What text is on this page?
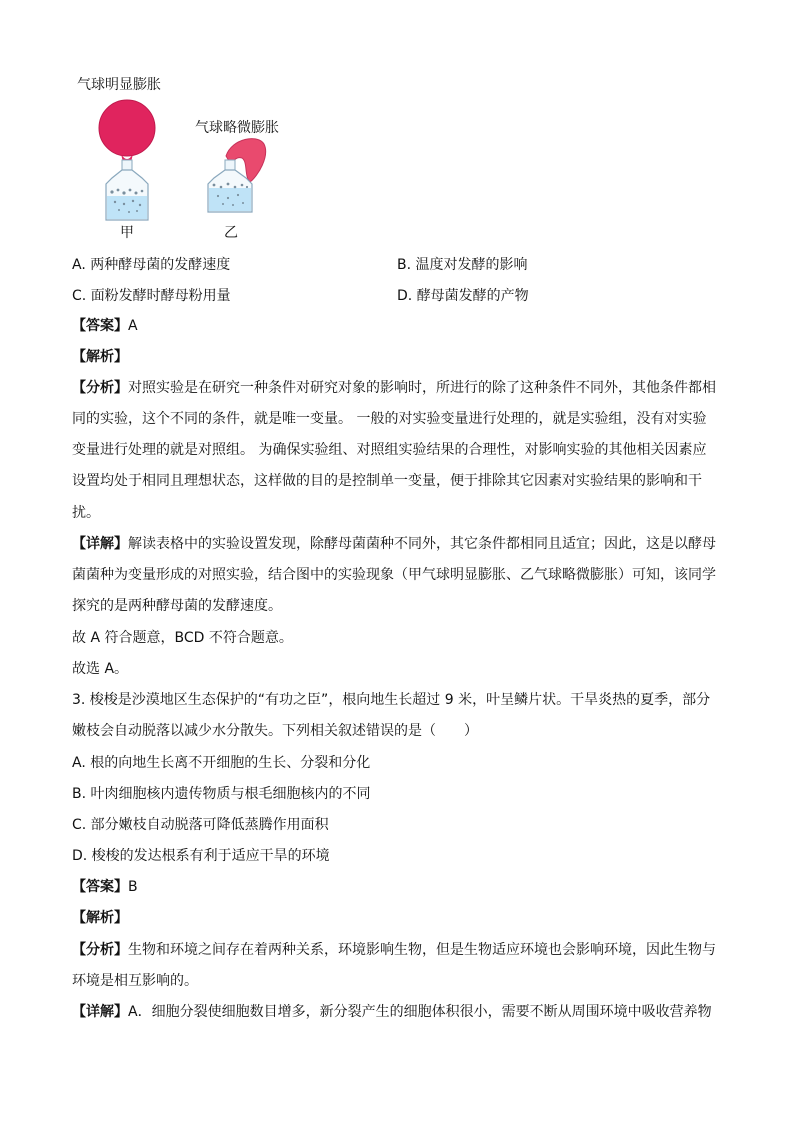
气球明显膨胀
气球略微膨胀
甲	乙
A. 两种酵母菌的发酵速度	B. 温度对发酵的影响
C. 面粉发酵时酵母粉用量	D. 酵母菌发酵的产物
【答案】A
【解析】
【分析】对照实验是在研究一种条件对研究对象的影响时，所进行的除了这种条件不同外，其他条件都相
同的实验，这个不同的条件，就是唯一变量。 一般的对实验变量进行处理的，就是实验组，没有对实验
变量进行处理的就是对照组。 为确保实验组、对照组实验结果的合理性，对影响实验的其他相关因素应
设置均处于相同且理想状态，这样做的目的是控制单一变量，便于排除其它因素对实验结果的影响和干
扰。
【详解】解读表格中的实验设置发现，除酵母菌菌种不同外，其它条件都相同且适宜；因此，这是以酵母
菌菌种为变量形成的对照实验，结合图中的实验现象（甲气球明显膨胀、乙气球略微膨胀）可知，该同学
探究的是两种酵母菌的发酵速度。
故 A 符合题意，BCD 不符合题意。
故选 A。
3. 梭梭是沙漠地区生态保护的“有功之臣”，根向地生长超过 9 米，叶呈鳞片状。干旱炎热的夏季，部分
嫩枝会自动脱落以减少水分散失。下列相关叙述错误的是（　　）
A. 根的向地生长离不开细胞的生长、分裂和分化
B. 叶肉细胞核内遗传物质与根毛细胞核内的不同
C. 部分嫩枝自动脱落可降低蒸腾作用面积
D. 梭梭的发达根系有利于适应干旱的环境
【答案】B
【解析】
【分析】生物和环境之间存在着两种关系，环境影响生物，但是生物适应环境也会影响环境，因此生物与
环境是相互影响的。
【详解】A．细胞分裂使细胞数目增多，新分裂产生的细胞体积很小，需要不断从周围环境中吸收营养物
